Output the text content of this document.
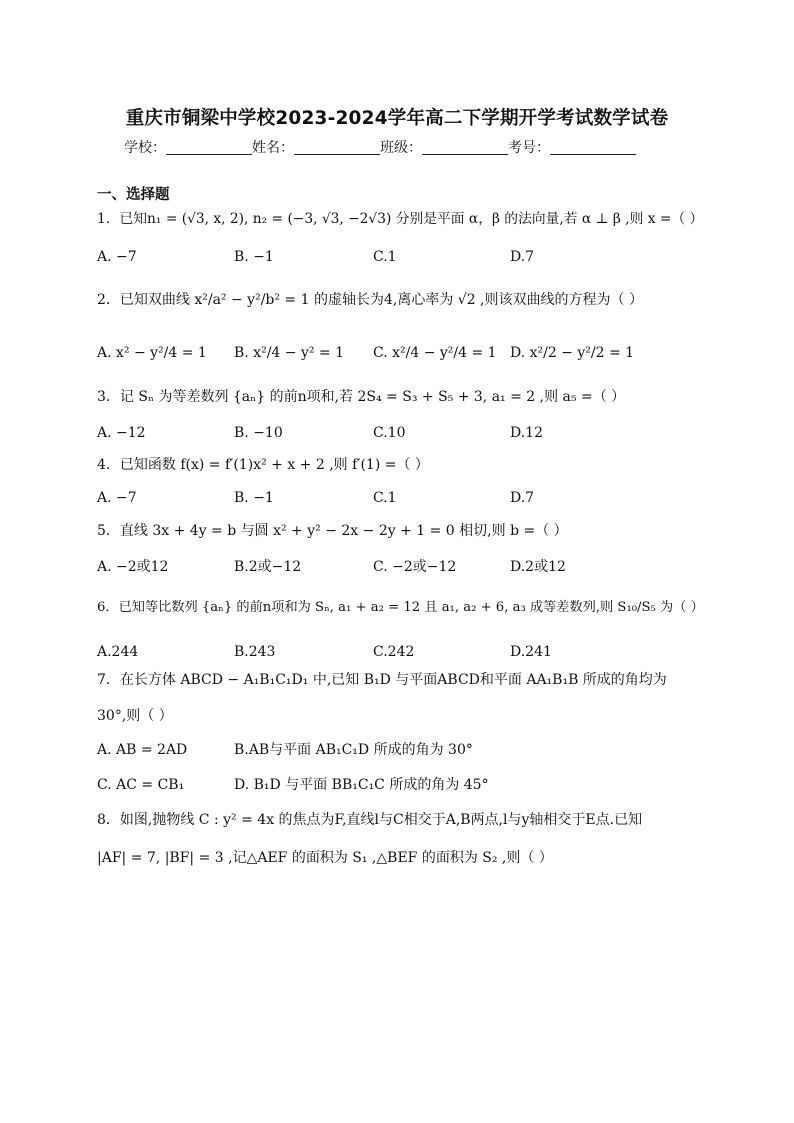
重庆市铜梁中学校2023-2024学年高二下学期开学考试数学试卷
学校：	姓名：	班级：	考号：
一、选择题
1．已知n₁ = (√3, x, 2), n₂ = (−3, √3, −2√3) 分别是平面 α，β 的法向量,若 α ⊥ β ,则 x =（ ）
A. −7	B. −1	C.1	D.7
2．已知双曲线 x²/a² − y²/b² = 1 的虚轴长为4,离心率为 √2 ,则该双曲线的方程为（ ）
A. x² − y²/4 = 1 B. x²/4 − y² = 1 C. x²/4 − y²/4 = 1 D. x²/2 − y²/2 = 1
3．记 Sₙ 为等差数列 {aₙ} 的前n项和,若 2S₄ = S₃ + S₅ + 3, a₁ = 2 ,则 a₅ =（ ）
A. −12	B. −10	C.10	D.12
4．已知函数 f(x) = f′(1)x² + x + 2 ,则 f′(1) =（ ）
A. −7	B. −1	C.1	D.7
5．直线 3x + 4y = b 与圆 x² + y² − 2x − 2y + 1 = 0 相切,则 b =（ ）
A. −2或12	B.2或−12	C. −2或−12	D.2或12
6．已知等比数列 {aₙ} 的前n项和为 Sₙ, a₁ + a₂ = 12 且 a₁, a₂ + 6, a₃ 成等差数列,则 S₁₀/S₅ 为（ ）
A.244	B.243	C.242	D.241
7．在长方体 ABCD − A₁B₁C₁D₁ 中,已知 B₁D 与平面ABCD和平面 AA₁B₁B 所成的角均为
30°,则（ ）
A. AB = 2AD	B.AB与平面 AB₁C₁D 所成的角为 30°
C. AC = CB₁	D. B₁D 与平面 BB₁C₁C 所成的角为 45°
8．如图,抛物线 C : y² = 4x 的焦点为F,直线l与C相交于A,B两点,l与y轴相交于E点.已知
|AF| = 7, |BF| = 3 ,记△AEF 的面积为 S₁ ,△BEF 的面积为 S₂ ,则（ ）
